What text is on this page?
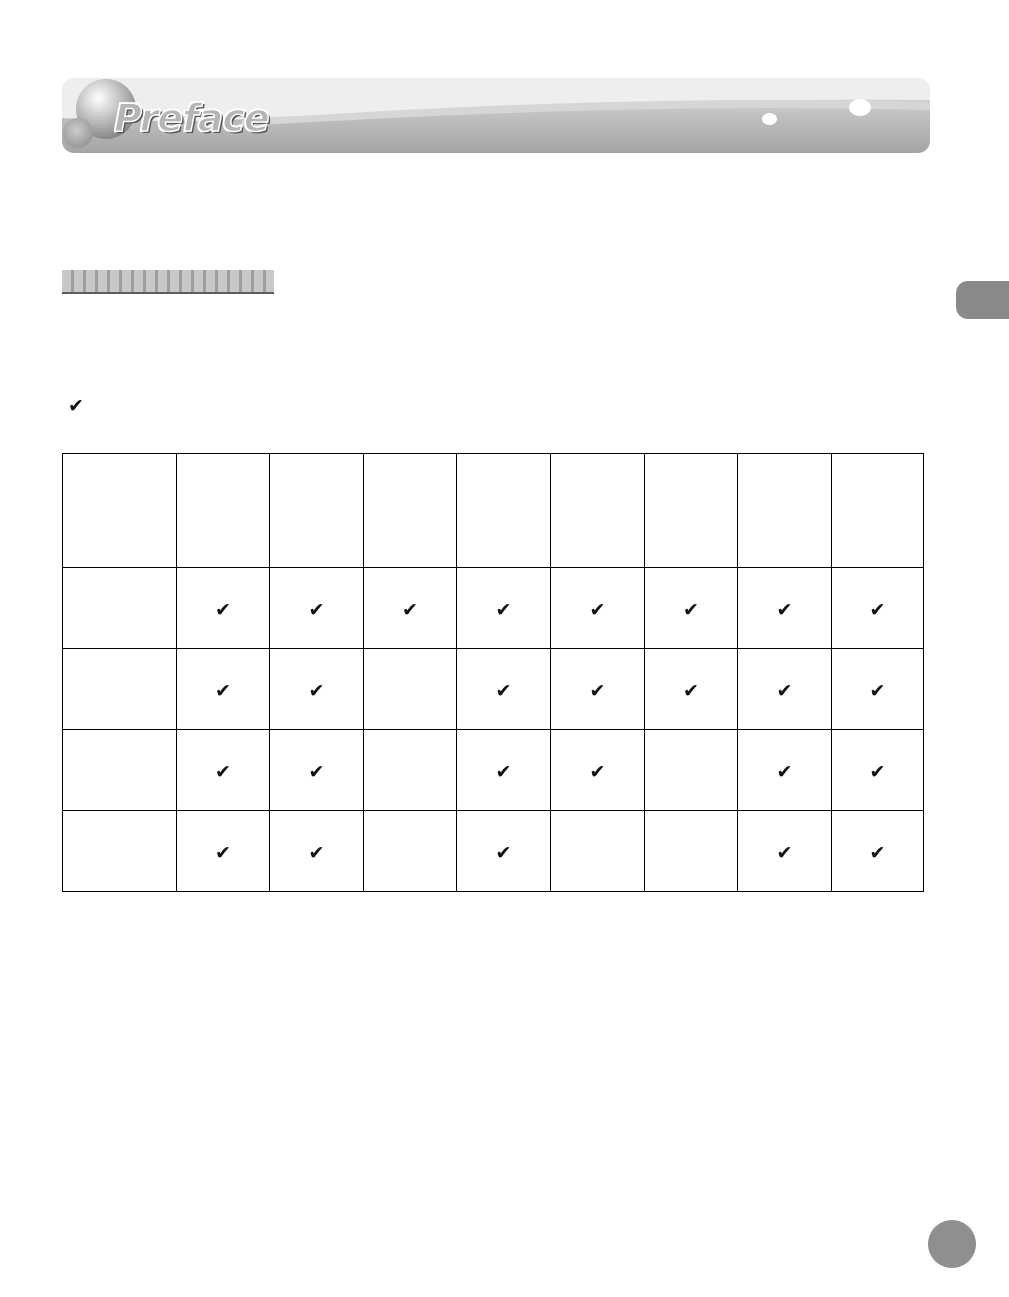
Preface
✔

	✔	✔	✔	✔	✔	✔	✔	✔
	✔	✔		✔	✔	✔	✔	✔
	✔	✔		✔	✔		✔	✔
	✔	✔		✔			✔	✔
